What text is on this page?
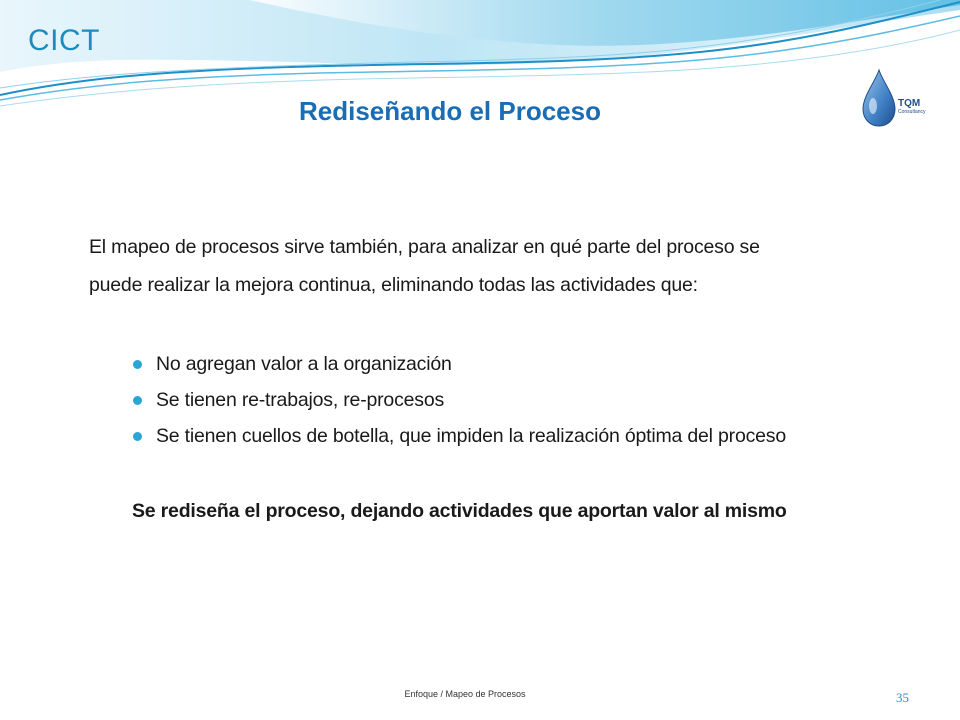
CICT
TQM
Consultancy
Rediseñando el Proceso
El mapeo de procesos sirve también, para analizar en qué parte del proceso se
puede realizar la mejora continua, eliminando todas las actividades que:
No agregan valor a la organización
Se tienen re-trabajos, re-procesos
Se tienen cuellos de botella, que impiden la realización óptima del proceso
Se rediseña el proceso, dejando actividades que aportan valor al mismo
Enfoque / Mapeo de Procesos	35
